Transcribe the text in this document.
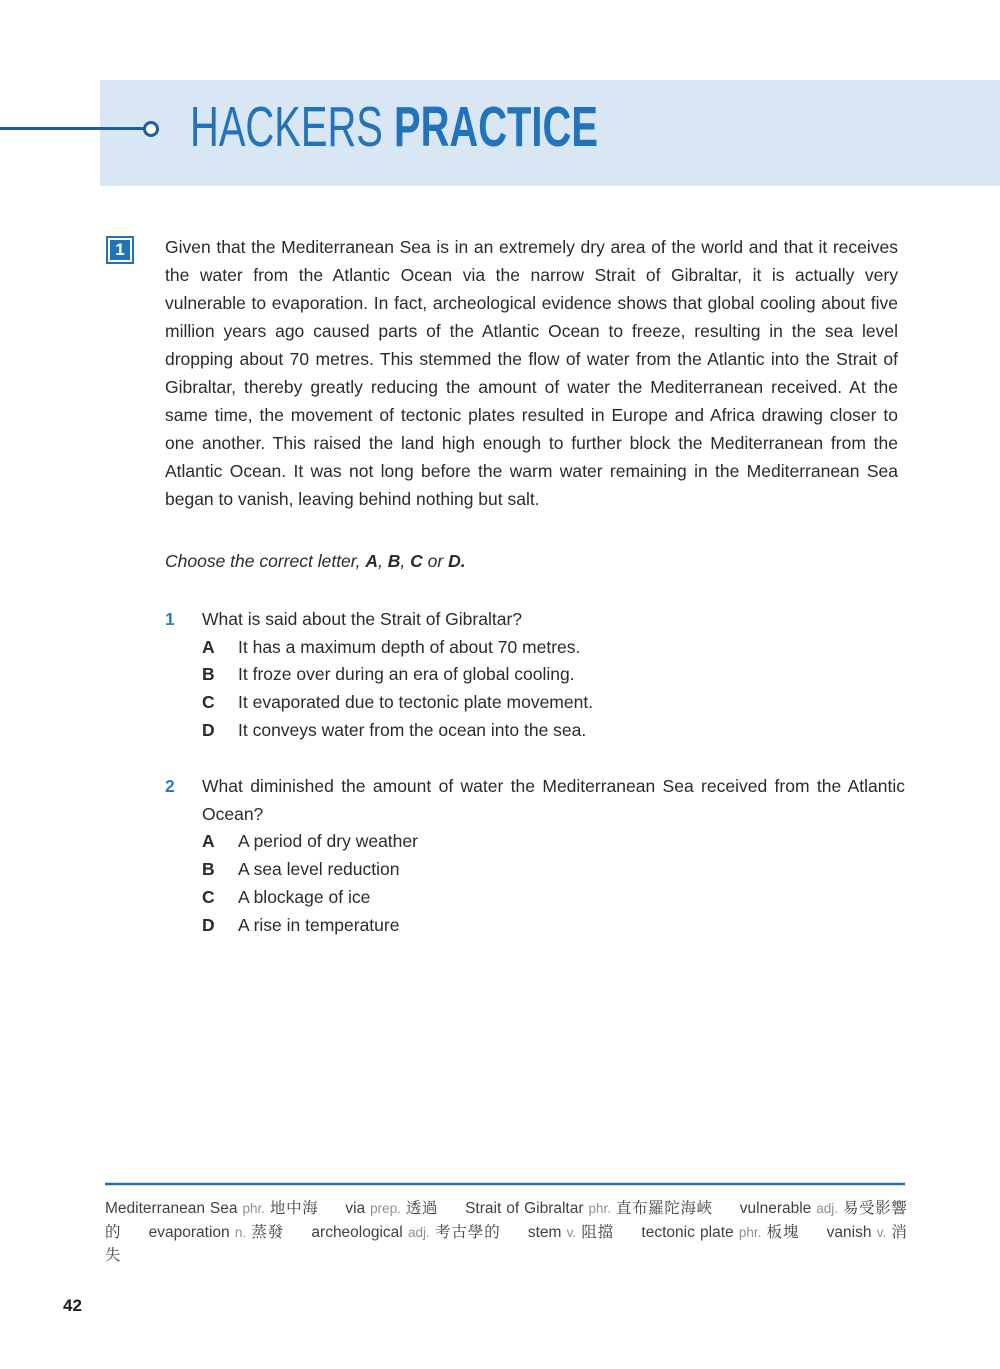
HACKERS PRACTICE
1 Given that the Mediterranean Sea is in an extremely dry area of the world and that it receives the water from the Atlantic Ocean via the narrow Strait of Gibraltar, it is actually very vulnerable to evaporation. In fact, archeological evidence shows that global cooling about five million years ago caused parts of the Atlantic Ocean to freeze, resulting in the sea level dropping about 70 metres. This stemmed the flow of water from the Atlantic into the Strait of Gibraltar, thereby greatly reducing the amount of water the Mediterranean received. At the same time, the movement of tectonic plates resulted in Europe and Africa drawing closer to one another. This raised the land high enough to further block the Mediterranean from the Atlantic Ocean. It was not long before the warm water remaining in the Mediterranean Sea began to vanish, leaving behind nothing but salt.
Choose the correct letter, A, B, C or D.
1	What is said about the Strait of Gibraltar?
A	It has a maximum depth of about 70 metres.
B	It froze over during an era of global cooling.
C	It evaporated due to tectonic plate movement.
D	It conveys water from the ocean into the sea.
2	What diminished the amount of water the Mediterranean Sea received from the Atlantic Ocean?
A	A period of dry weather
B	A sea level reduction
C	A blockage of ice
D	A rise in temperature
Mediterranean Sea phr. 地中海 via prep. 透過 Strait of Gibraltar phr. 直布羅陀海峽 vulnerable adj. 易受影響的 evaporation n. 蒸發 archeological adj. 考古學的 stem v. 阻擋 tectonic plate phr. 板塊 vanish v. 消失
42
